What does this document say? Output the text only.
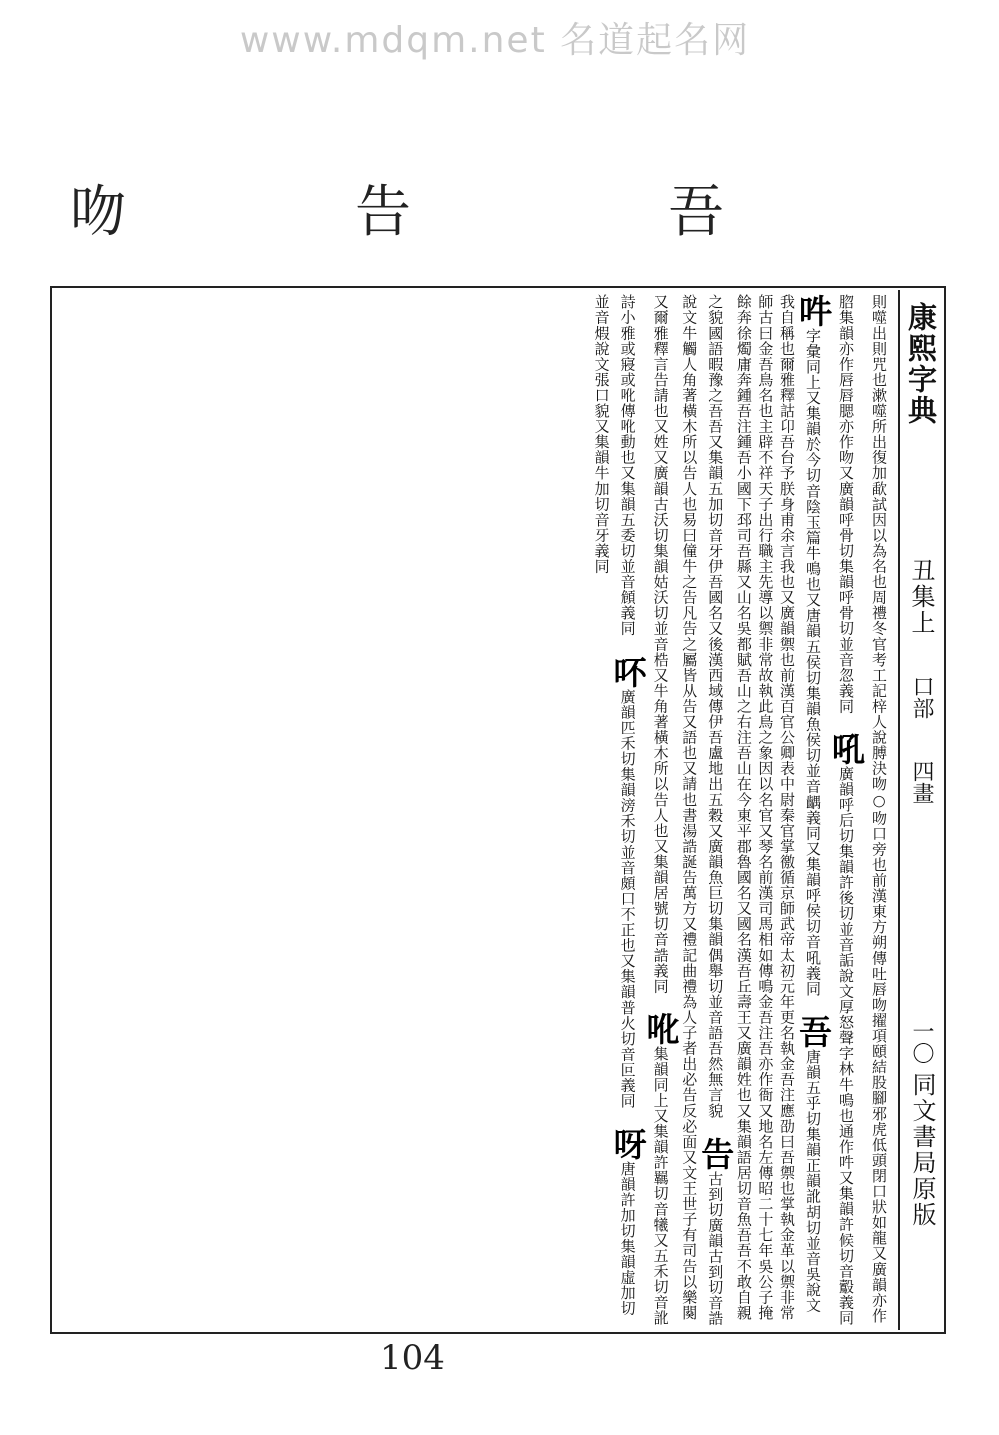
www.mdqm.net 名道起名网
吾
告
吻
康熙字典
丑集上
口部
四畫
一〇
同文書局原版
則噬出則咒也漱噬所出復加歃試因以為名也周禮冬官考工記梓人說膊決吻○吻口旁也前漢東方朔傳吐唇吻擢項頤結股腳邪虎低頭閉口狀如龍又廣韻亦作脗集韻亦作唇唇腮亦作吻又廣韻呼骨切集韻呼骨切並音忽義同 吼廣韻呼后切集韻許後切並音詬說文厚怒聲字林牛鳴也通作吽又集韻許候切音鷇義同 吽字彙同上又集韻於今切音陰玉篇牛鳴也又唐韻五侯切集韻魚侯切並音齵義同又集韻呼侯切音吼義同 吾唐韻五乎切集韻正韻訛胡切並音吳說文我自稱也爾雅釋詁卬吾台予朕身甫余言我也又廣韻禦也前漢百官公卿表中尉秦官掌徼循京師武帝太初元年更名執金吾注應劭曰吾禦也掌執金革以禦非常師古曰金吾鳥名也主辟不祥天子出行職主先導以禦非常故執此鳥之象因以名官又琴名前漢司馬相如傳鳴金吾注吾亦作衙又地名左傳昭二十七年吳公子掩餘奔徐燭庸奔鍾吾注鍾吾小國下邳司吾縣又山名吳都賦吾山之右注吾山在今東平郡魯國名又國名漢吾丘壽王又廣韻姓也又集韻語居切音魚吾吾不敢自親之貌國語暇豫之吾吾又集韻五加切音牙伊吾國名又後漢西域傳伊吾盧地出五穀又廣韻魚巨切集韻偶舉切並音語吾然無言貌 告古到切廣韻古到切音誥說文牛觸人角著橫木所以告人也易曰僮牛之告凡告之屬皆从告又語也又請也書湯誥誕告萬方又禮記曲禮為人子者出必告反必面又文王世子有司告以樂闋又爾雅釋言告請也又姓又廣韻古沃切集韻姑沃切並音梏又牛角著橫木所以告人也又集韻居號切音誥義同 吪集韻同上又集韻許羈切音犧又五禾切音訛詩小雅或寢或吪傳吪動也又集韻五委切並音頠義同 吥廣韻匹禾切集韻滂禾切並音頗口不正也又集韻普火切音叵義同 呀唐韻許加切集韻虛加切並音煆說文張口貌又集韻牛加切音牙義同
104
